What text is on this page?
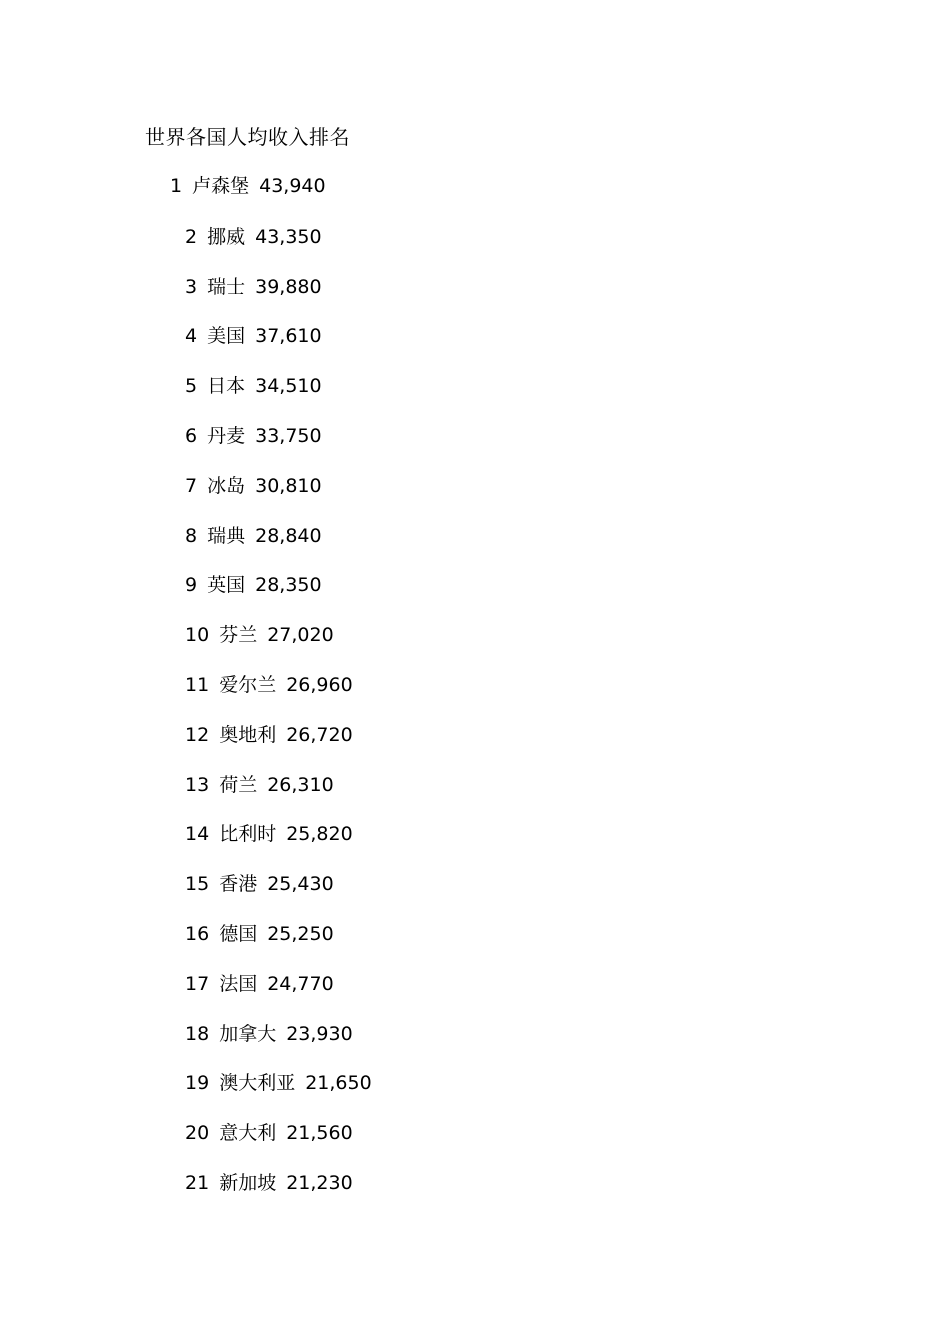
世界各国人均收入排名
1 卢森堡 43,940
2 挪威 43,350
3 瑞士 39,880
4 美国 37,610
5 日本 34,510
6 丹麦 33,750
7 冰岛 30,810
8 瑞典 28,840
9 英国 28,350
10 芬兰 27,020
11 爱尔兰 26,960
12 奥地利 26,720
13 荷兰 26,310
14 比利时 25,820
15 香港 25,430
16 德国 25,250
17 法国 24,770
18 加拿大 23,930
19 澳大利亚 21,650
20 意大利 21,560
21 新加坡 21,230
